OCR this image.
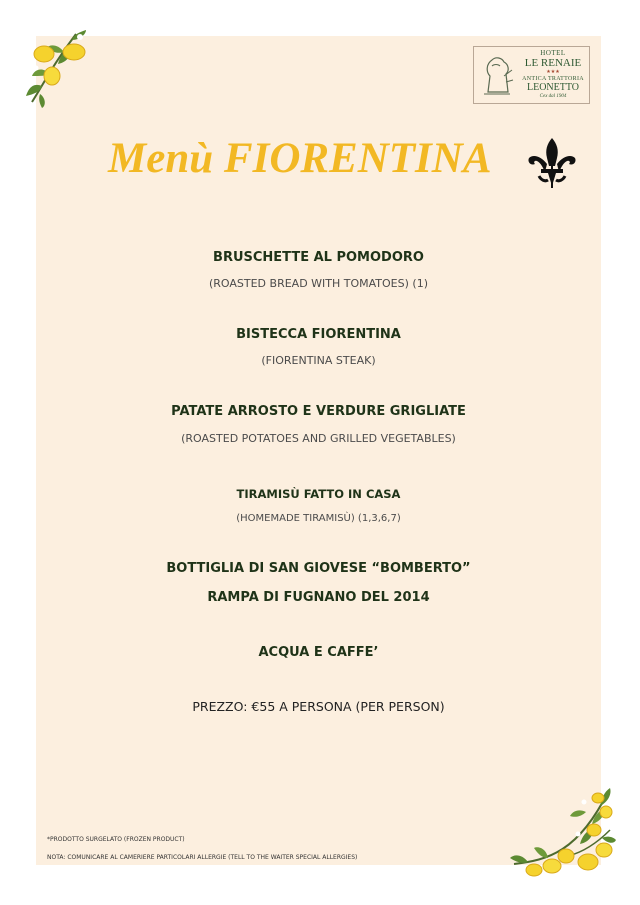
HOTEL
LE RENAIE
★★★
ANTICA TRATTORIA
LEONETTO
Cex dal 1904
Menù FIORENTINA
BRUSCHETTE AL POMODORO
(ROASTED BREAD WITH TOMATOES) (1)
BISTECCA FIORENTINA
(FIORENTINA STEAK)
PATATE ARROSTO E VERDURE GRIGLIATE
(ROASTED POTATOES AND GRILLED VEGETABLES)
TIRAMISÙ FATTO IN CASA
(HOMEMADE TIRAMISÙ) (1,3,6,7)
BOTTIGLIA DI SAN GIOVESE “BOMBERTO”
RAMPA DI FUGNANO DEL 2014
ACQUA E CAFFE’
PREZZO: €55 A PERSONA (PER PERSON)
*PRODOTTO SURGELATO (FROZEN PRODUCT)
NOTA: COMUNICARE AL CAMERIERE PARTICOLARI ALLERGIE (TELL TO THE WAITER SPECIAL ALLERGIES)
